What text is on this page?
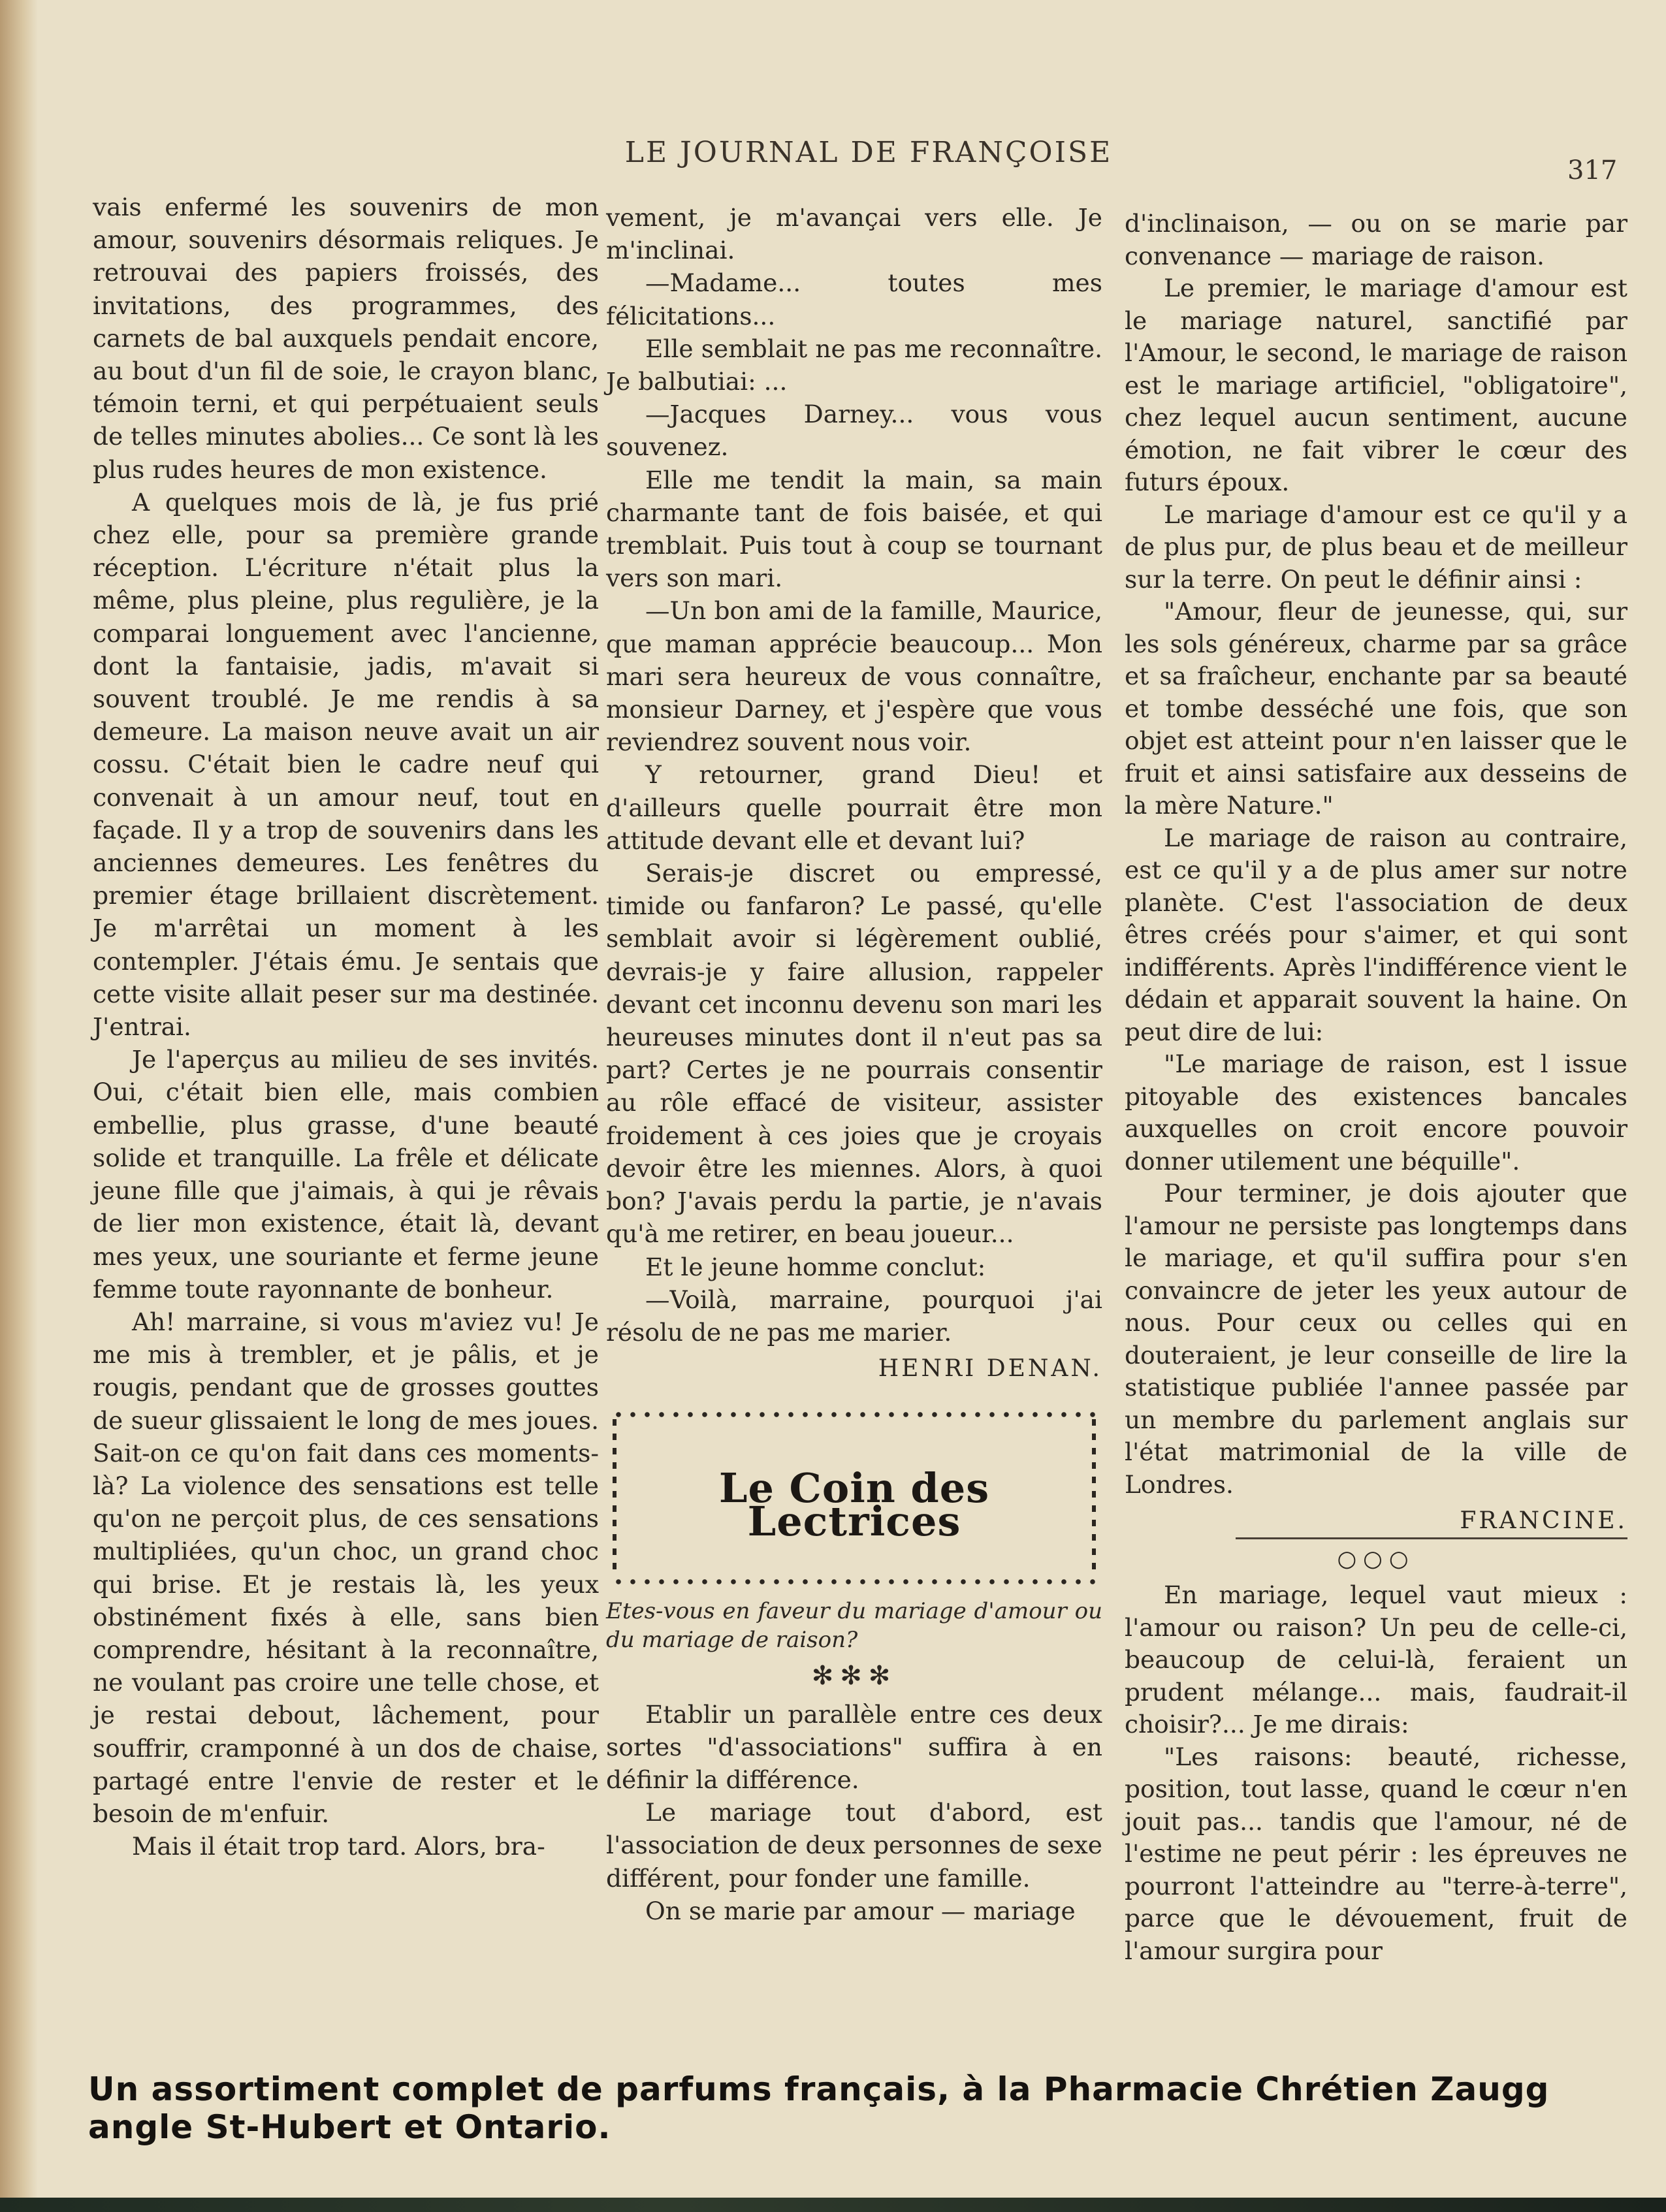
LE JOURNAL DE FRANÇOISE
317

vais enfermé les souvenirs de mon amour, souvenirs désormais reliques. Je retrouvai des papiers froissés, des invitations, des programmes, des carnets de bal auxquels pendait encore, au bout d'un fil de soie, le crayon blanc, témoin terni, et qui perpétuaient seuls de telles minutes abolies... Ce sont là les plus rudes heures de mon existence.

A quelques mois de là, je fus prié chez elle, pour sa première grande réception. L'écriture n'était plus la même, plus pleine, plus regulière, je la comparai longuement avec l'ancienne, dont la fantaisie, jadis, m'avait si souvent troublé. Je me rendis à sa demeure. La maison neuve avait un air cossu. C'était bien le cadre neuf qui convenait à un amour neuf, tout en façade. Il y a trop de souvenirs dans les anciennes demeures. Les fenêtres du premier étage brillaient discrètement. Je m'arrêtai un moment à les contempler. J'étais ému. Je sentais que cette visite allait peser sur ma destinée. J'entrai.

Je l'aperçus au milieu de ses invités. Oui, c'était bien elle, mais combien embellie, plus grasse, d'une beauté solide et tranquille. La frêle et délicate jeune fille que j'aimais, à qui je rêvais de lier mon existence, était là, devant mes yeux, une souriante et ferme jeune femme toute rayonnante de bonheur.

Ah! marraine, si vous m'aviez vu! Je me mis à trembler, et je pâlis, et je rougis, pendant que de grosses gouttes de sueur glissaient le long de mes joues. Sait-on ce qu'on fait dans ces moments-là? La violence des sensations est telle qu'on ne perçoit plus, de ces sensations multipliées, qu'un choc, un grand choc qui brise. Et je restais là, les yeux obstinément fixés à elle, sans bien comprendre, hésitant à la reconnaître, ne voulant pas croire une telle chose, et je restai debout, lâchement, pour souffrir, cramponné à un dos de chaise, partagé entre l'envie de rester et le besoin de m'enfuir.

Mais il était trop tard. Alors, bra-

vement, je m'avançai vers elle. Je m'inclinai.

—Madame... toutes mes félicitations...

Elle semblait ne pas me reconnaître. Je balbutiai: ...

—Jacques Darney... vous vous souvenez.

Elle me tendit la main, sa main charmante tant de fois baisée, et qui tremblait. Puis tout à coup se tournant vers son mari.

—Un bon ami de la famille, Maurice, que maman apprécie beaucoup... Mon mari sera heureux de vous connaître, monsieur Darney, et j'espère que vous reviendrez souvent nous voir.

Y retourner, grand Dieu! et d'ailleurs quelle pourrait être mon attitude devant elle et devant lui?

Serais-je discret ou empressé, timide ou fanfaron? Le passé, qu'elle semblait avoir si légèrement oublié, devrais-je y faire allusion, rappeler devant cet inconnu devenu son mari les heureuses minutes dont il n'eut pas sa part? Certes je ne pourrais consentir au rôle effacé de visiteur, assister froidement à ces joies que je croyais devoir être les miennes. Alors, à quoi bon? J'avais perdu la partie, je n'avais qu'à me retirer, en beau joueur...

Et le jeune homme conclut:

—Voilà, marraine, pourquoi j'ai résolu de ne pas me marier.

HENRI DENAN.

Le Coin des Lectrices

Etes-vous en faveur du mariage d'amour ou du mariage de raison?

✻✻✻

Etablir un parallèle entre ces deux sortes "d'associations" suffira à en définir la différence.

Le mariage tout d'abord, est l'association de deux personnes de sexe différent, pour fonder une famille.

On se marie par amour — mariage

d'inclinaison, — ou on se marie par convenance — mariage de raison.

Le premier, le mariage d'amour est le mariage naturel, sanctifié par l'Amour, le second, le mariage de raison est le mariage artificiel, "obligatoire", chez lequel aucun sentiment, aucune émotion, ne fait vibrer le cœur des futurs époux.

Le mariage d'amour est ce qu'il y a de plus pur, de plus beau et de meilleur sur la terre. On peut le définir ainsi :

"Amour, fleur de jeunesse, qui, sur les sols généreux, charme par sa grâce et sa fraîcheur, enchante par sa beauté et tombe desséché une fois, que son objet est atteint pour n'en laisser que le fruit et ainsi satisfaire aux desseins de la mère Nature."

Le mariage de raison au contraire, est ce qu'il y a de plus amer sur notre planète. C'est l'association de deux êtres créés pour s'aimer, et qui sont indifférents. Après l'indifférence vient le dédain et apparait souvent la haine. On peut dire de lui:

"Le mariage de raison, est l issue pitoyable des existences bancales auxquelles on croit encore pouvoir donner utilement une béquille".

Pour terminer, je dois ajouter que l'amour ne persiste pas longtemps dans le mariage, et qu'il suffira pour s'en convaincre de jeter les yeux autour de nous. Pour ceux ou celles qui en douteraient, je leur conseille de lire la statistique publiée l'annee passée par un membre du parlement anglais sur l'état matrimonial de la ville de Londres.

FRANCINE.

○○○

En mariage, lequel vaut mieux : l'amour ou raison? Un peu de celle-ci, beaucoup de celui-là, feraient un prudent mélange... mais, faudrait-il choisir?... Je me dirais:

"Les raisons: beauté, richesse, position, tout lasse, quand le cœur n'en jouit pas... tandis que l'amour, né de l'estime ne peut périr : les épreuves ne pourront l'atteindre au "terre-à-terre", parce que le dévouement, fruit de l'amour surgira pour

Un assortiment complet de parfums français, à la Pharmacie Chrétien Zaugg angle St-Hubert et Ontario.
